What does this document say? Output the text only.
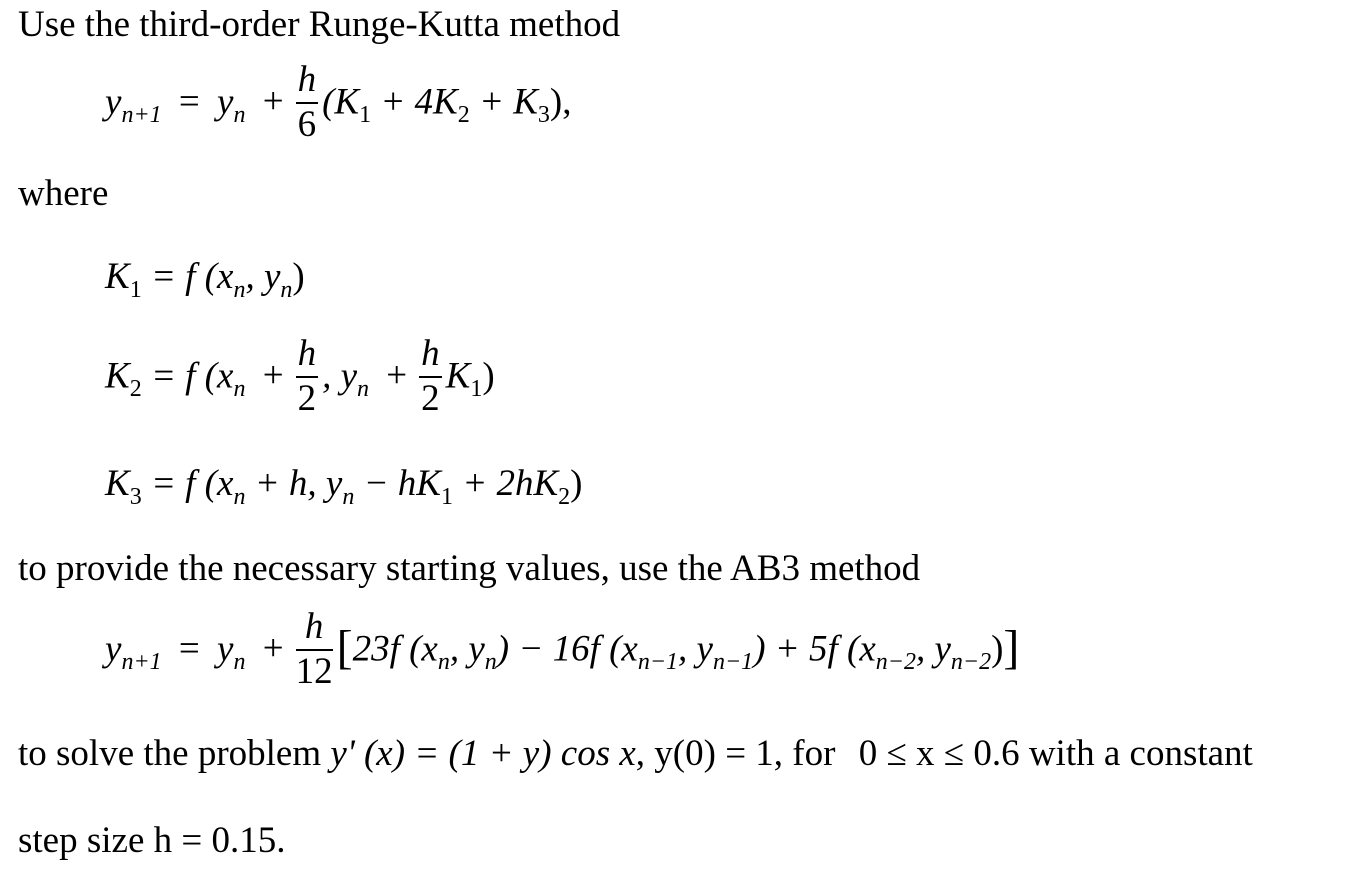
Use the third-order Runge-Kutta method
$y_{n+1} = y_n + \frac{h}{6} (K_1 + 4K_2 + K_3)$,
where
$K_1 = f$ ($x_n$, $y_n$)
$K_2 = f$ ($x_n + \frac{h}{2}$ , $y_n + \frac{h}{2} K_1$)
$K_3 = f$ ($x_n + h$, $y_n - hK_1 + 2hK_2$)
to provide the necessary starting values, use the AB3 method
$y_{n+1} = y_n + \frac{h}{12} [23f$ ($x_n$, $y_n) - 16f$ ($x_{n-1}$, $y_{n-1}) + 5f$ ($x_{n-2}$, $y_{n-2}$)]
to solve the problem y' (x) = (1 + y) cos x, y(0) = 1, for 0 ≤ x ≤ 0.6 with a constant
step size h = 0.15.
